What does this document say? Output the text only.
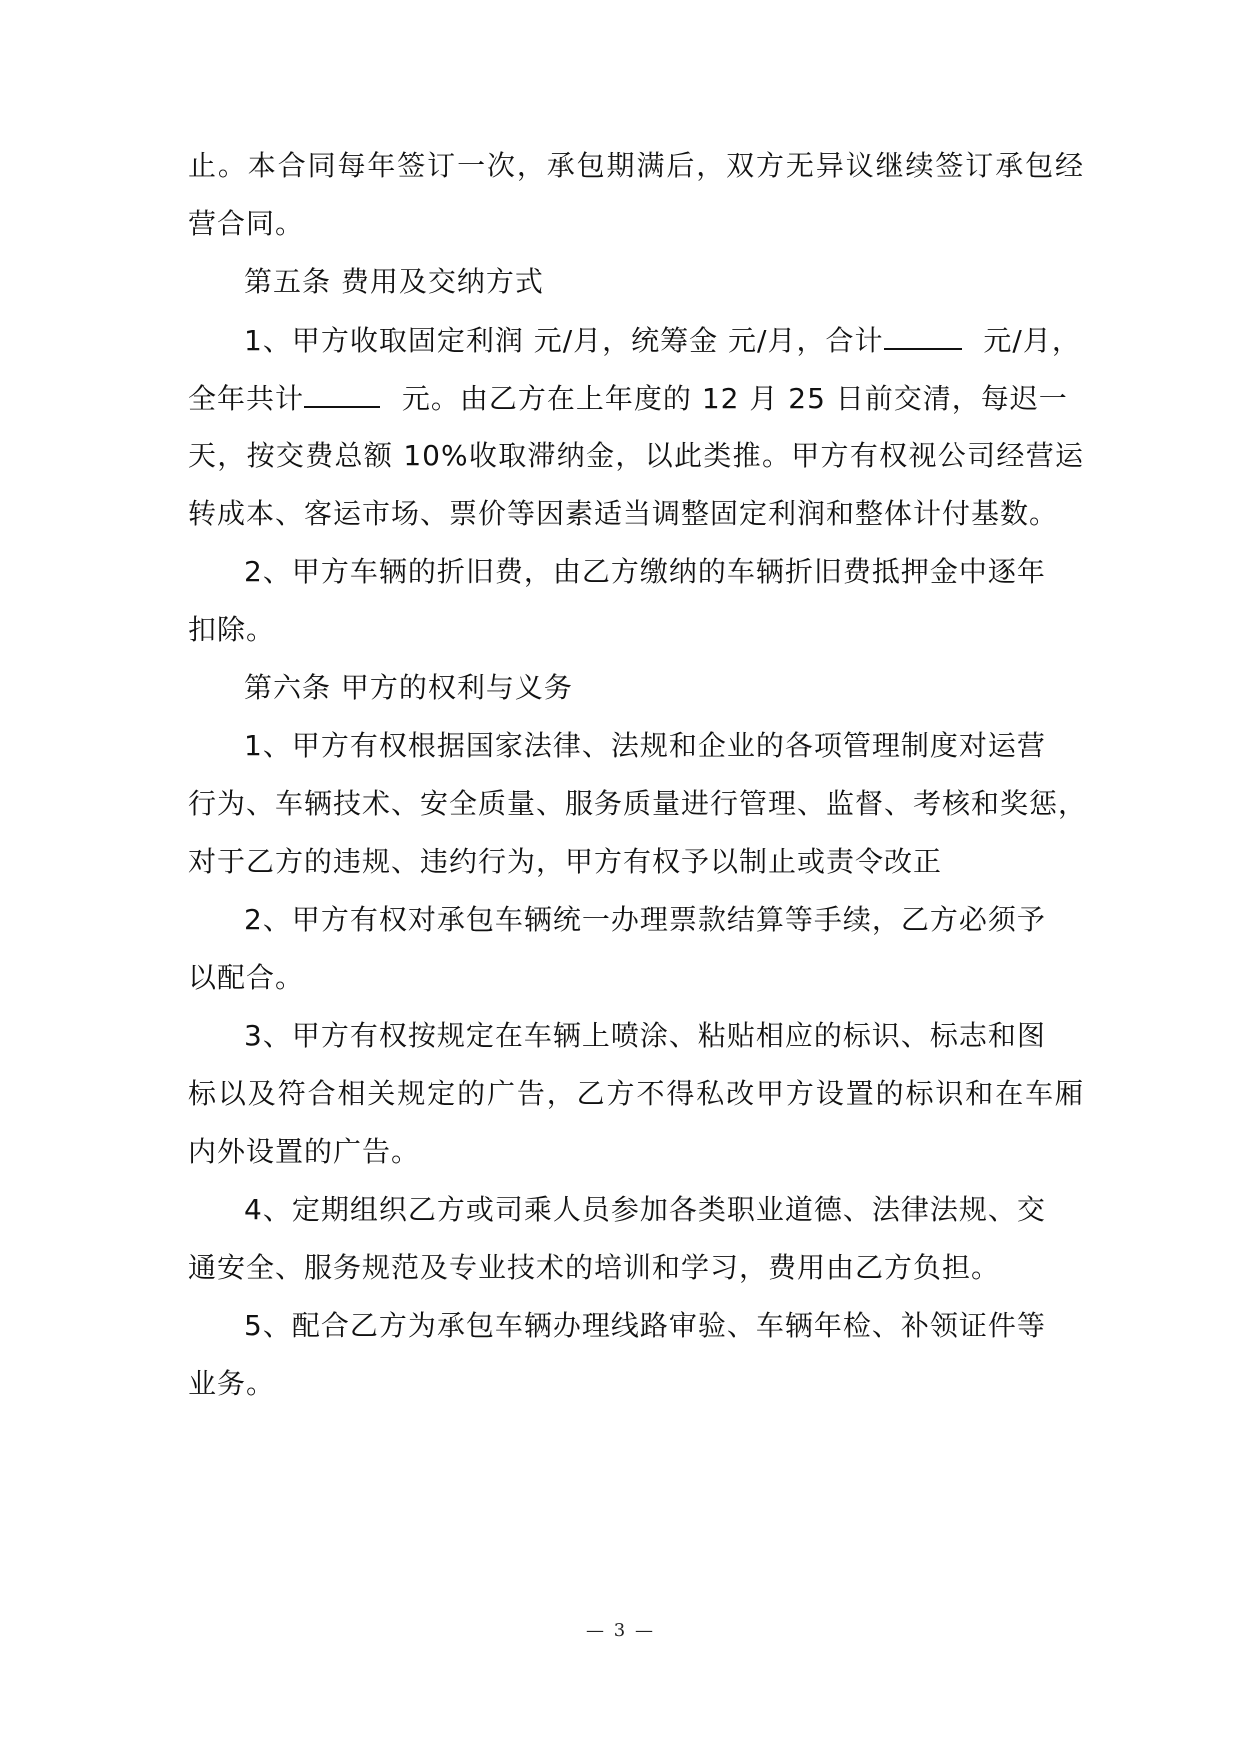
止。本合同每年签订一次，承包期满后，双方无异议继续签订承包经
营合同。
第五条 费用及交纳方式
1、甲方收取固定利润 元/月，统筹金 元/月，合计	元/月，
全年共计	元。由乙方在上年度的 12 月 25 日前交清，每迟一
天，按交费总额 10%收取滞纳金，以此类推。甲方有权视公司经营运
转成本、客运市场、票价等因素适当调整固定利润和整体计付基数。
2、甲方车辆的折旧费，由乙方缴纳的车辆折旧费抵押金中逐年
扣除。
第六条 甲方的权利与义务
1、甲方有权根据国家法律、法规和企业的各项管理制度对运营
行为、车辆技术、安全质量、服务质量进行管理、监督、考核和奖惩，
对于乙方的违规、违约行为，甲方有权予以制止或责令改正
2、甲方有权对承包车辆统一办理票款结算等手续，乙方必须予
以配合。
3、甲方有权按规定在车辆上喷涂、粘贴相应的标识、标志和图
标以及符合相关规定的广告，乙方不得私改甲方设置的标识和在车厢
内外设置的广告。
4、定期组织乙方或司乘人员参加各类职业道德、法律法规、交
通安全、服务规范及专业技术的培训和学习，费用由乙方负担。
5、配合乙方为承包车辆办理线路审验、车辆年检、补领证件等
业务。
— 3 —
